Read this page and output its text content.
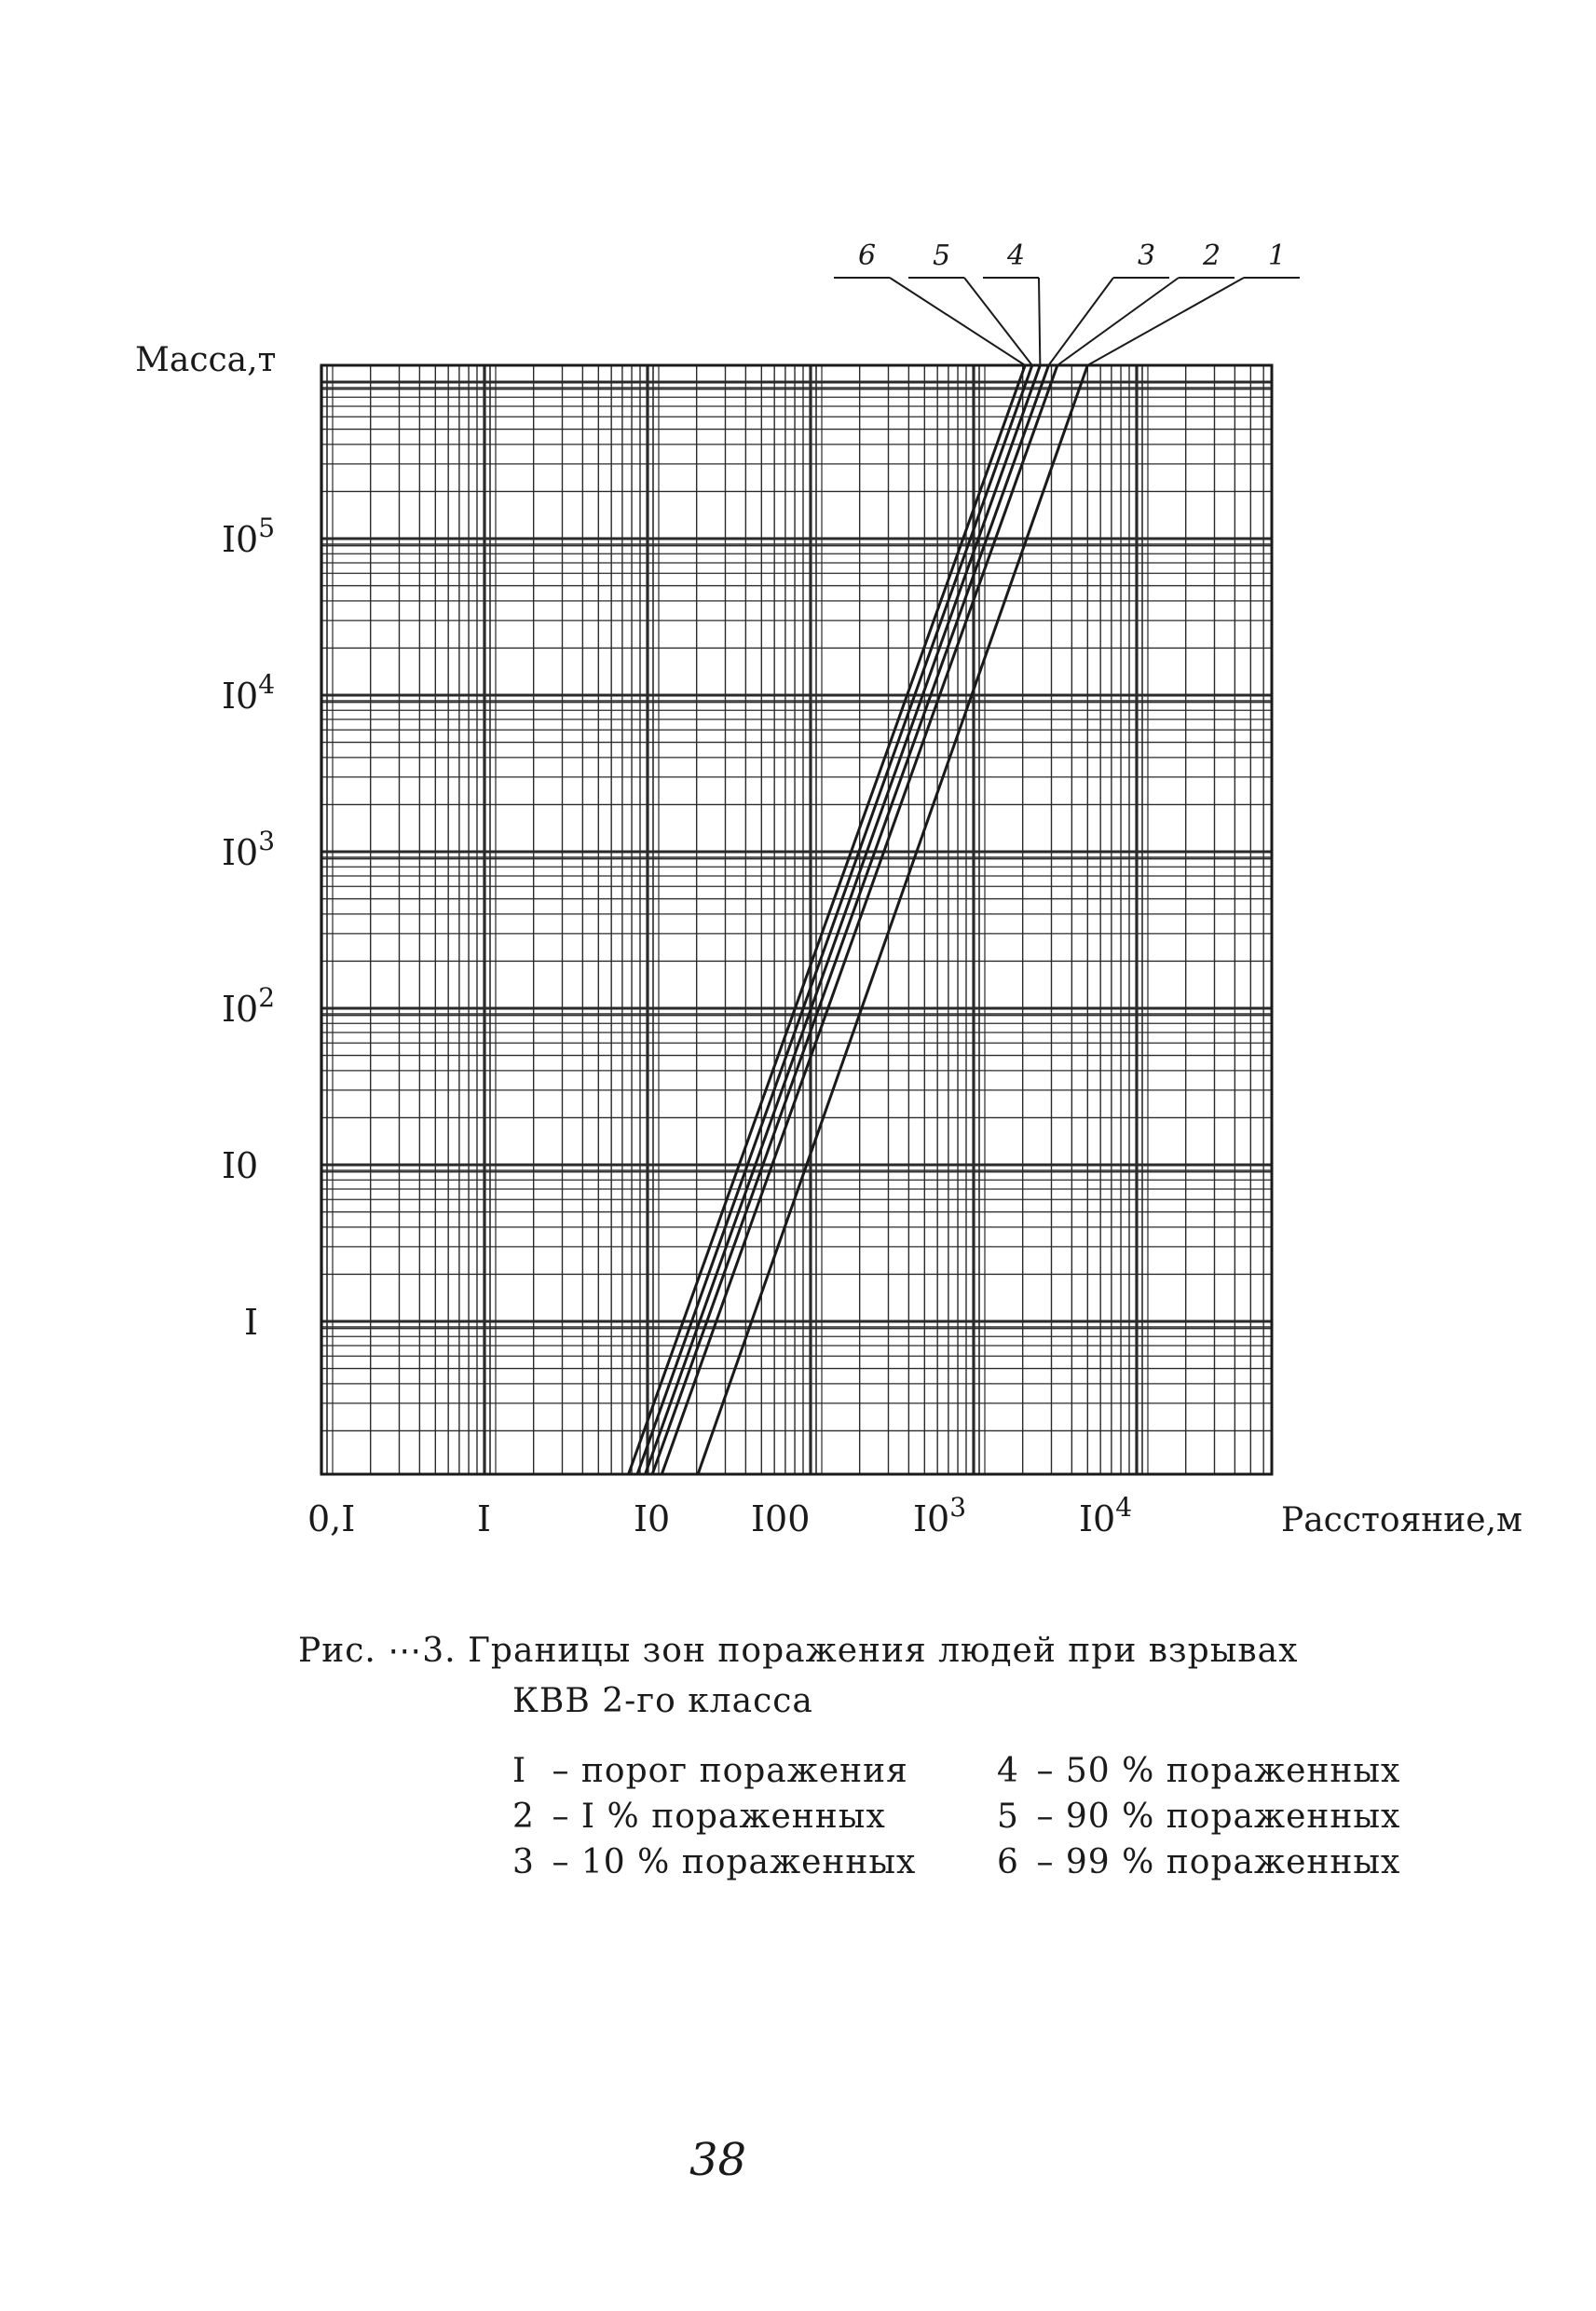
1
2
3
4
5
6
Масса,т
Расстояние,м
I
I0
$I0^2$
$I0^3$
$I0^4$
$I0^5$
0,I	I	I0 I00	$I0^3$	$I0^4$
Рис. ⋯3. Границы зон поражения людей при взрывах
КВВ 2-го класса
I – порог поражения	4 – 50 % пораженных
2 – I % пораженных	5 – 90 % пораженных
3 – 10 % пораженных	6 – 99 % пораженных
38
